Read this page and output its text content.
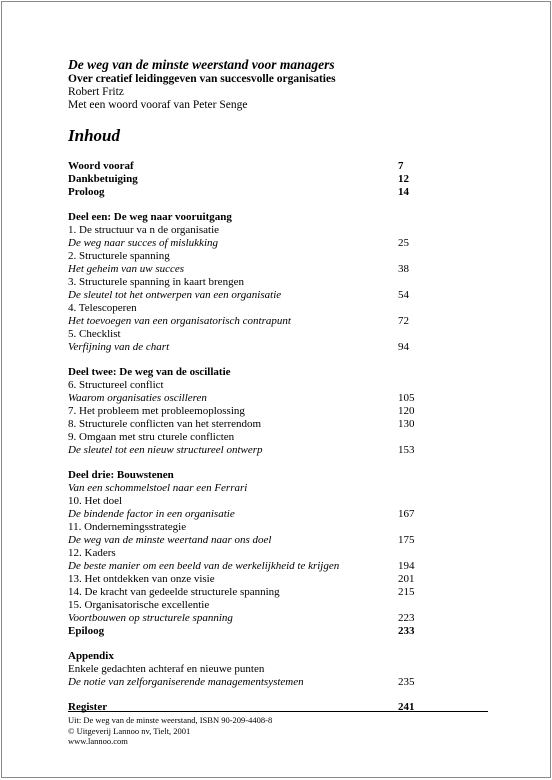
De weg van de minste weerstand voor managers
Over creatief leidinggeven van succesvolle organisaties
Robert Fritz
Met een woord vooraf van Peter Senge
Inhoud
Woord vooraf	7
Dankbetuiging	12
Proloog	14
Deel een: De weg naar vooruitgang
1. De structuur va n de organisatie
De weg naar succes of mislukking	25
2. Structurele spanning
Het geheim van uw succes	38
3. Structurele spanning in kaart brengen
De sleutel tot het ontwerpen van een organisatie	54
4. Telescoperen
Het toevoegen van een organisatorisch contrapunt	72
5. Checklist
Verfijning van de chart	94
Deel twee: De weg van de oscillatie
6. Structureel conflict
Waarom organisaties oscilleren	105
7. Het probleem met probleemoplossing	120
8. Structurele conflicten van het sterrendom	130
9. Omgaan met stru cturele conflicten
De sleutel tot een nieuw structureel ontwerp	153
Deel drie: Bouwstenen
Van een schommelstoel naar een Ferrari
10. Het doel
De bindende factor in een organisatie	167
11. Ondernemingsstrategie
De weg van de minste weertand naar ons doel	175
12. Kaders
De beste manier om een beeld van de werkelijkheid te krijgen	194
13. Het ontdekken van onze visie	201
14. De kracht van gedeelde structurele spanning	215
15. Organisatorische excellentie
Voortbouwen op structurele spanning	223
Epiloog	233
Appendix
Enkele gedachten achteraf en nieuwe punten
De notie van zelforganiserende managementsystemen	235
Register	241
Uit: De weg van de minste weerstand, ISBN 90-209-4408-8
© Uitgeverij Lannoo nv, Tielt, 2001
www.lannoo.com
